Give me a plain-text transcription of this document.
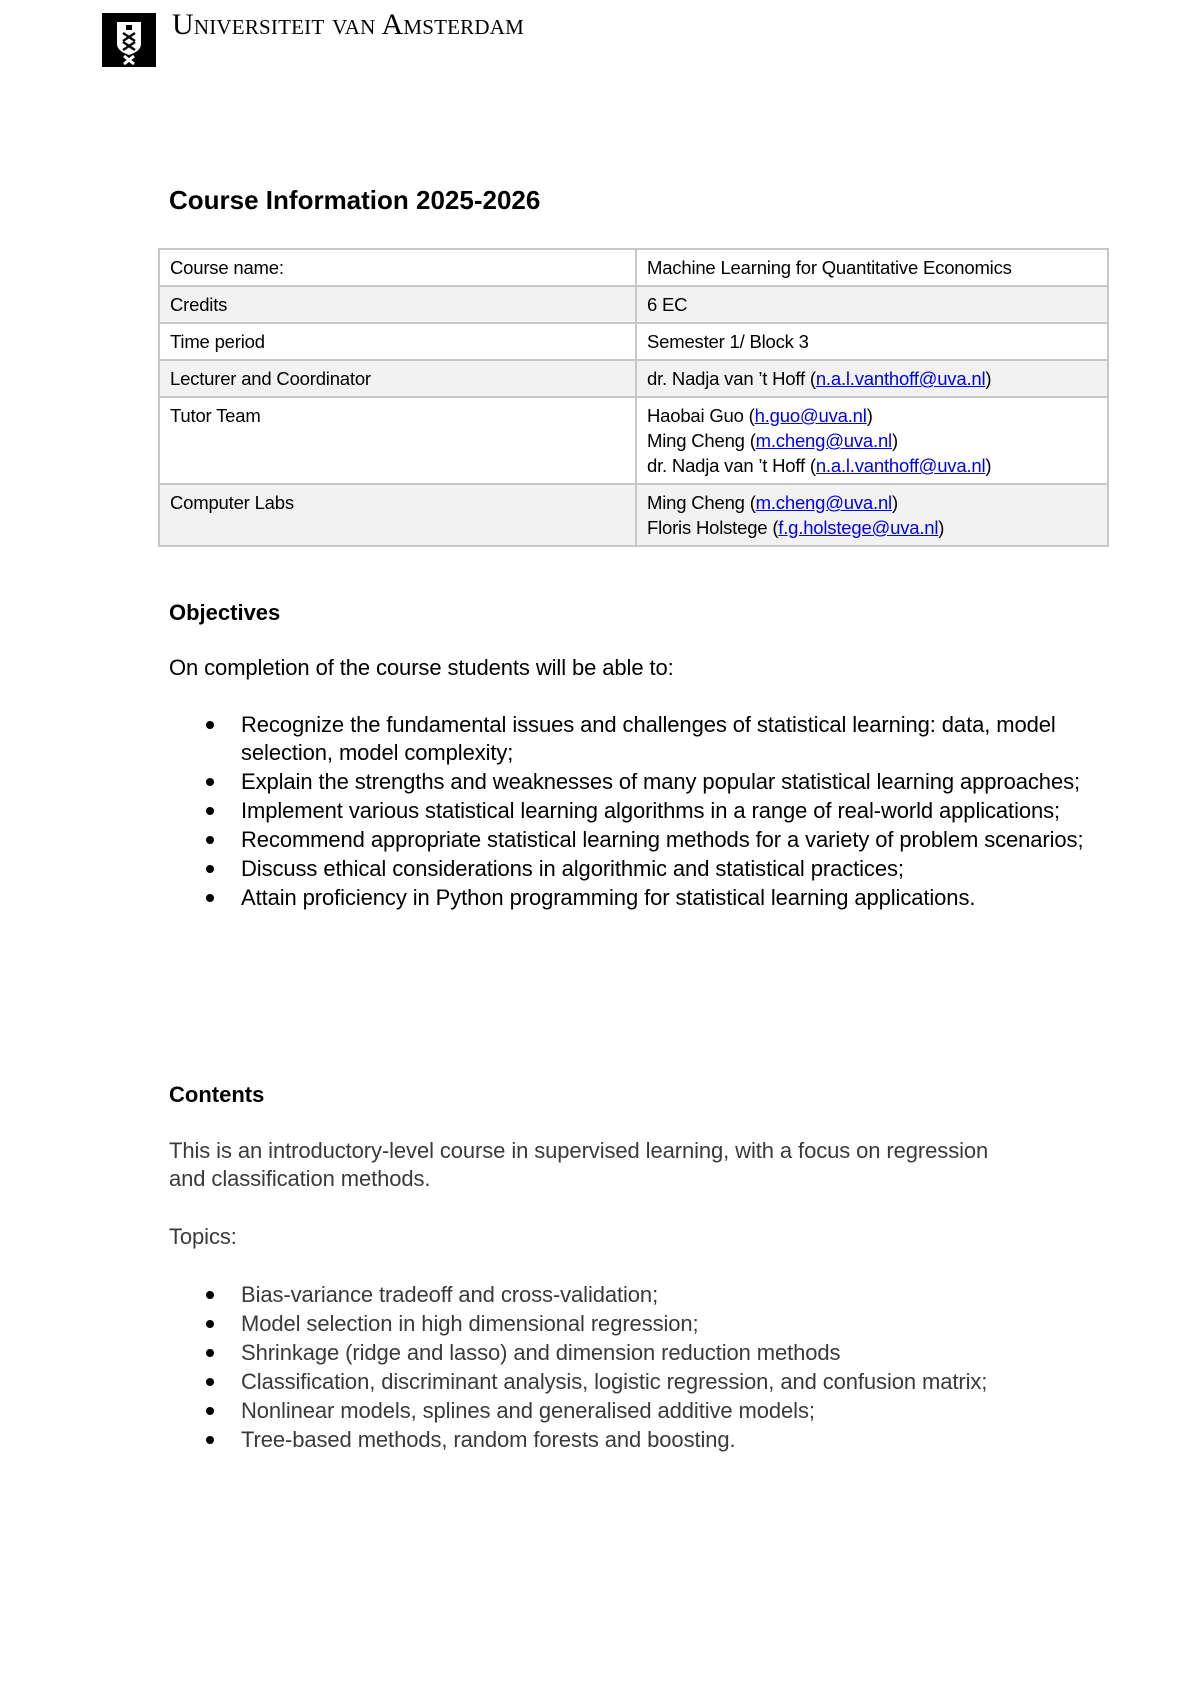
Universiteit van Amsterdam
Course Information 2025-2026
Course name:	Machine Learning for Quantitative Economics
Credits	6 EC
Time period	Semester 1/ Block 3
Lecturer and Coordinator	dr. Nadja van ’t Hoff (n.a.l.vanthoff@uva.nl)
Tutor Team	Haobai Guo (h.guo@uva.nl)
Ming Cheng (m.cheng@uva.nl)
dr. Nadja van ’t Hoff (n.a.l.vanthoff@uva.nl)

Computer Labs	Ming Cheng (m.cheng@uva.nl)
Floris Holstege (f.g.holstege@uva.nl)
Objectives

On completion of the course students will be able to:

Recognize the fundamental issues and challenges of statistical learning: data, model selection, model complexity;
Explain the strengths and weaknesses of many popular statistical learning approaches;
Implement various statistical learning algorithms in a range of real-world applications;
Recommend appropriate statistical learning methods for a variety of problem scenarios;
Discuss ethical considerations in algorithmic and statistical practices;
Attain proficiency in Python programming for statistical learning applications.
Contents

This is an introductory-level course in supervised learning, with a focus on regression and classification methods.

Topics:

Bias-variance tradeoff and cross-validation;
Model selection in high dimensional regression;
Shrinkage (ridge and lasso) and dimension reduction methods
Classification, discriminant analysis, logistic regression, and confusion matrix;
Nonlinear models, splines and generalised additive models;
Tree-based methods, random forests and boosting.
